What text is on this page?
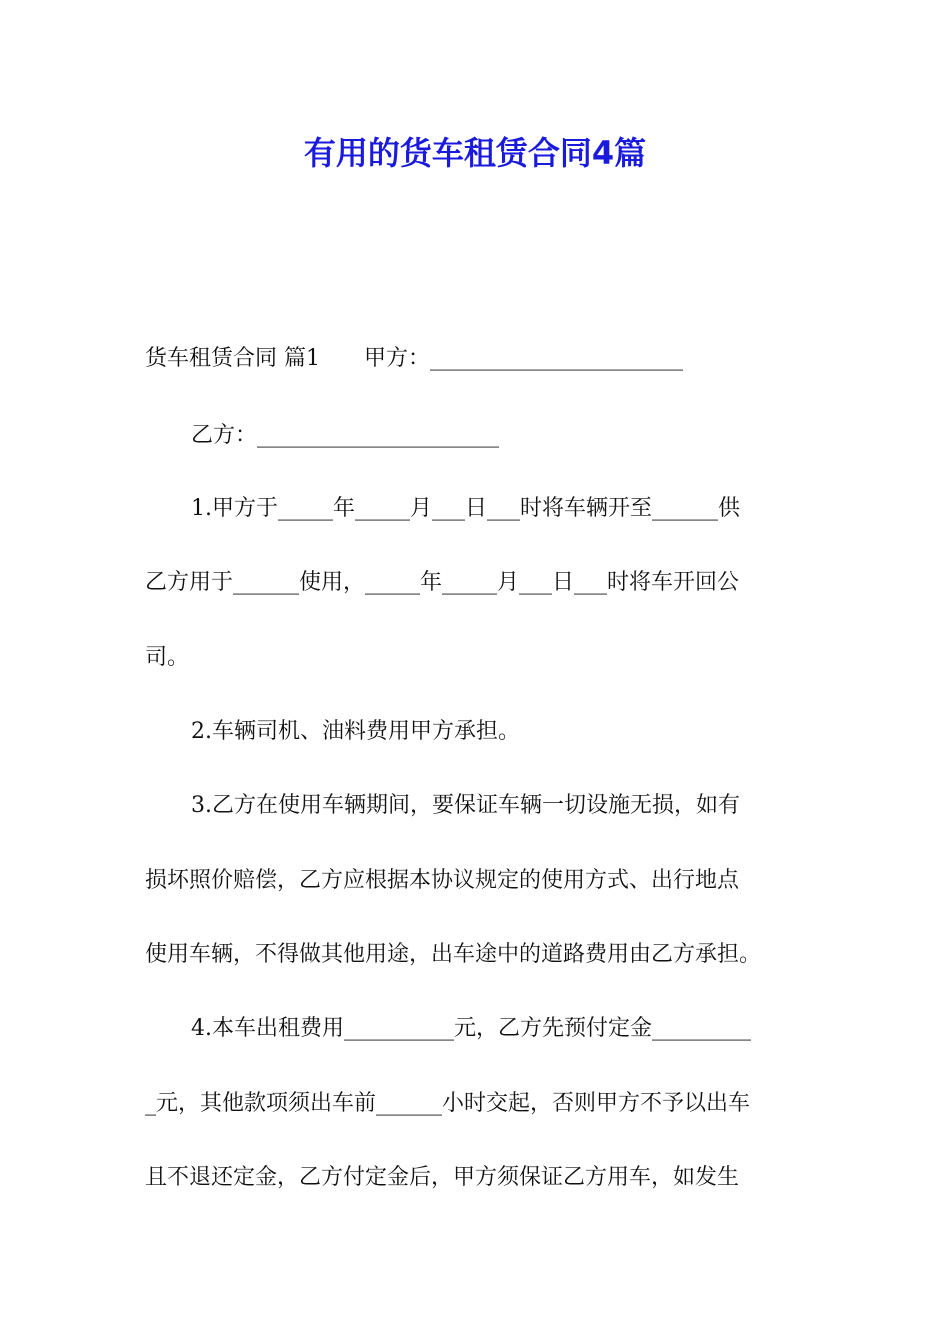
有用的货车租赁合同4篇
货车租赁合同 篇1　　甲方：_______________________
乙方：______________________
1.甲方于_____年_____月___日___时将车辆开至______供
乙方用于______使用，_____年_____月___日___时将车开回公
司。
2.车辆司机、油料费用甲方承担。
3.乙方在使用车辆期间，要保证车辆一切设施无损，如有
损坏照价赔偿，乙方应根据本协议规定的使用方式、出行地点
使用车辆，不得做其他用途，出车途中的道路费用由乙方承担。
4.本车出租费用__________元，乙方先预付定金_________
_元，其他款项须出车前______小时交起，否则甲方不予以出车
且不退还定金，乙方付定金后，甲方须保证乙方用车，如发生
